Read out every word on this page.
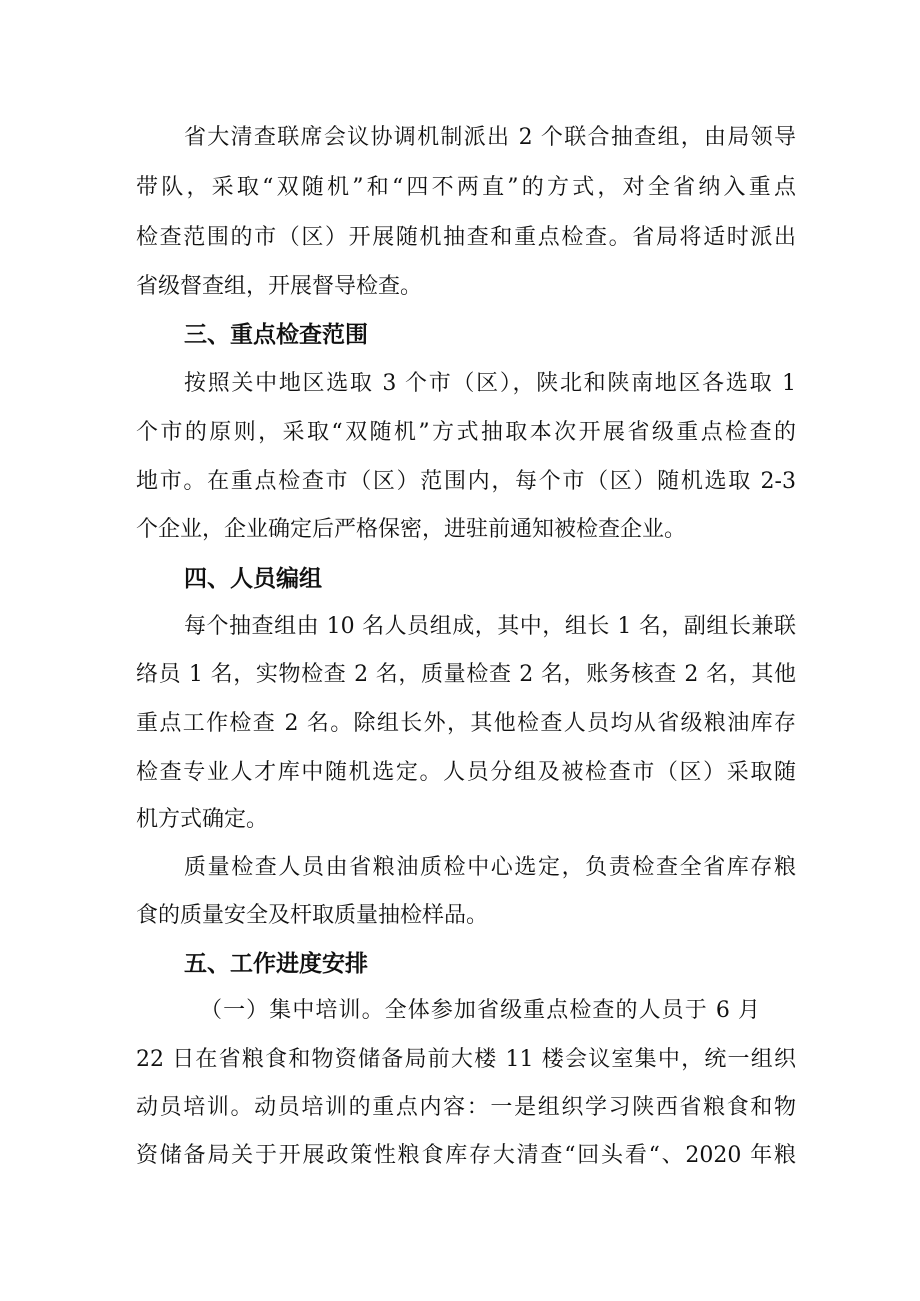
省大清查联席会议协调机制派出 2 个联合抽查组，由局领导

带队，采取“双随机”和“四不两直”的方式，对全省纳入重点

检查范围的市（区）开展随机抽查和重点检查。省局将适时派出

省级督查组，开展督导检查。

三、重点检查范围

按照关中地区选取 3 个市（区），陕北和陕南地区各选取 1

个市的原则，采取“双随机”方式抽取本次开展省级重点检查的

地市。在重点检查市（区）范围内，每个市（区）随机选取 2-3

个企业，企业确定后严格保密，进驻前通知被检查企业。

四、人员编组

每个抽查组由 10 名人员组成，其中，组长 1 名，副组长兼联

络员 1 名，实物检查 2 名，质量检查 2 名，账务核查 2 名，其他

重点工作检查 2 名。除组长外，其他检查人员均从省级粮油库存

检查专业人才库中随机选定。人员分组及被检查市（区）采取随

机方式确定。

质量检查人员由省粮油质检中心选定，负责检查全省库存粮

食的质量安全及杆取质量抽检样品。

五、工作进度安排

（一）集中培训。全体参加省级重点检查的人员于 6 月

22 日在省粮食和物资储备局前大楼 11 楼会议室集中，统一组织

动员培训。动员培训的重点内容：一是组织学习陕西省粮食和物

资储备局关于开展政策性粮食库存大清查“回头看“、2020 年粮
